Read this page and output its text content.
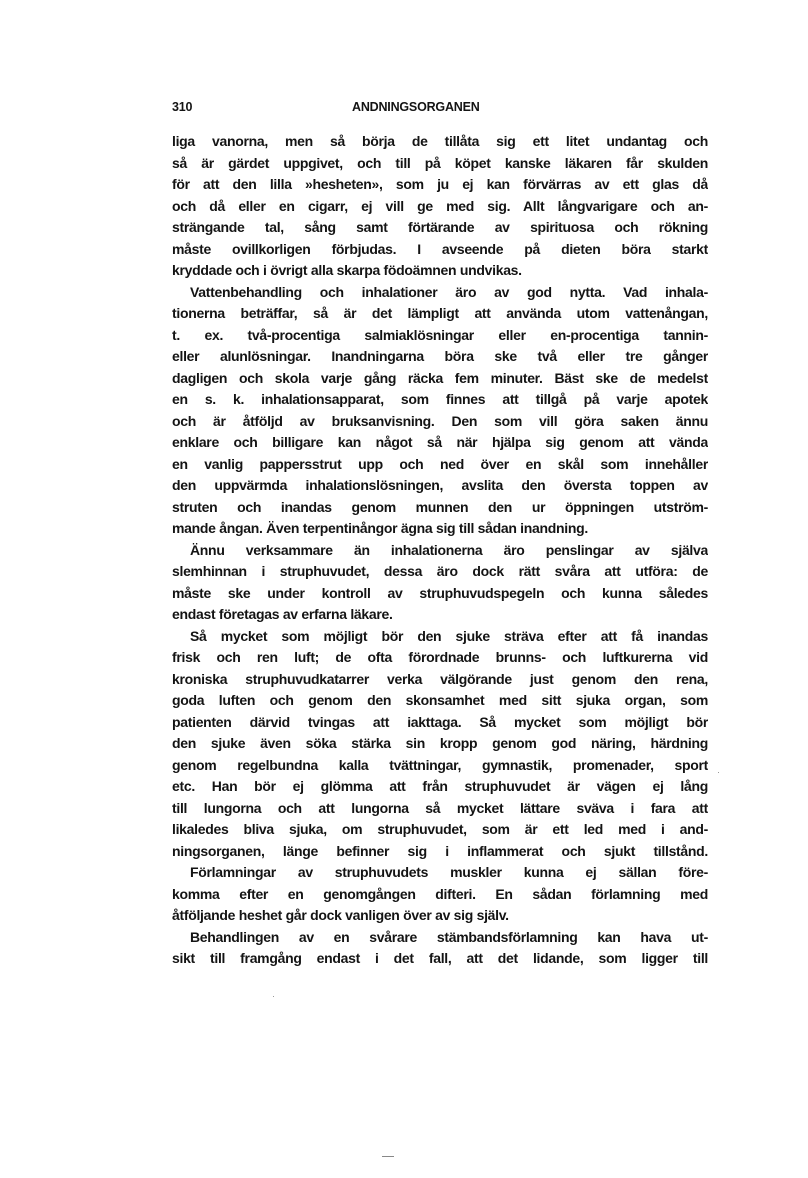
310	ANDNINGSORGANEN
liga vanorna, men så börja de tillåta sig ett litet undantag och
så är gärdet uppgivet, och till på köpet kanske läkaren får skulden
för att den lilla »hesheten», som ju ej kan förvärras av ett glas då
och då eller en cigarr, ej vill ge med sig. Allt långvarigare och an-
strängande tal, sång samt förtärande av spirituosa och rökning
måste ovillkorligen förbjudas. I avseende på dieten böra starkt
kryddade och i övrigt alla skarpa födoämnen undvikas.
Vattenbehandling och inhalationer äro av god nytta. Vad inhala-
tionerna beträffar, så är det lämpligt att använda utom vattenångan,
t. ex. två-procentiga salmiaklösningar eller en-procentiga tannin-
eller alunlösningar. Inandningarna böra ske två eller tre gånger
dagligen och skola varje gång räcka fem minuter. Bäst ske de medelst
en s. k. inhalationsapparat, som finnes att tillgå på varje apotek
och är åtföljd av bruksanvisning. Den som vill göra saken ännu
enklare och billigare kan något så när hjälpa sig genom att vända
en vanlig pappersstrut upp och ned över en skål som innehåller
den uppvärmda inhalationslösningen, avslita den översta toppen av
struten och inandas genom munnen den ur öppningen utström-
mande ångan. Även terpentinångor ägna sig till sådan inandning.
Ännu verksammare än inhalationerna äro penslingar av själva
slemhinnan i struphuvudet, dessa äro dock rätt svåra att utföra: de
måste ske under kontroll av struphuvudspegeln och kunna således
endast företagas av erfarna läkare.
Så mycket som möjligt bör den sjuke sträva efter att få inandas
frisk och ren luft; de ofta förordnade brunns- och luftkurerna vid
kroniska struphuvudkatarrer verka välgörande just genom den rena,
goda luften och genom den skonsamhet med sitt sjuka organ, som
patienten därvid tvingas att iakttaga. Så mycket som möjligt bör
den sjuke även söka stärka sin kropp genom god näring, härdning
genom regelbundna kalla tvättningar, gymnastik, promenader, sport
etc. Han bör ej glömma att från struphuvudet är vägen ej lång
till lungorna och att lungorna så mycket lättare sväva i fara att
likaledes bliva sjuka, om struphuvudet, som är ett led med i and-
ningsorganen, länge befinner sig i inflammerat och sjukt tillstånd.
Förlamningar av struphuvudets muskler kunna ej sällan före-
komma efter en genomgången difteri. En sådan förlamning med
åtföljande heshet går dock vanligen över av sig själv.
Behandlingen av en svårare stämbandsförlamning kan hava ut-
sikt till framgång endast i det fall, att det lidande, som ligger till
